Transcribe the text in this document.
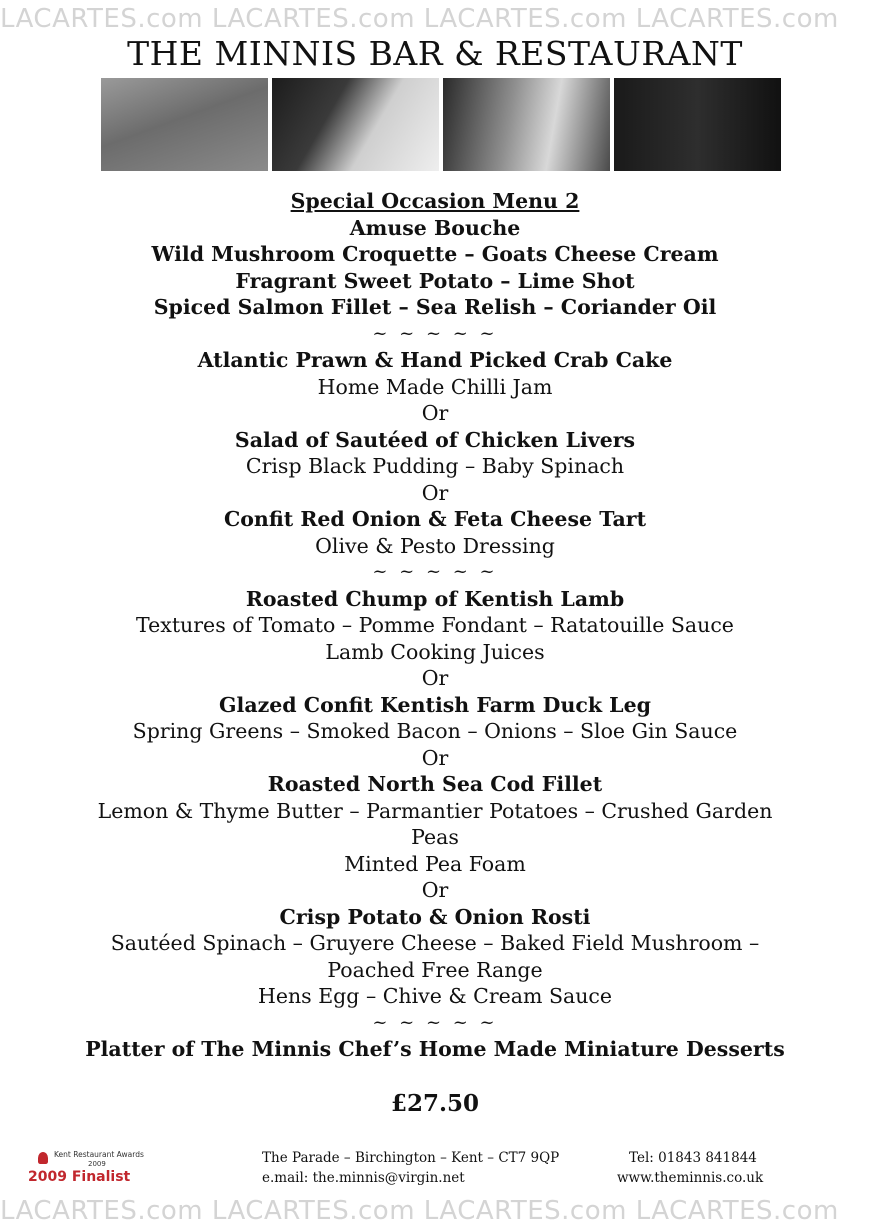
LACARTES.com LACARTES.com LACARTES.com LACARTES.com
THE MINNIS BAR & RESTAURANT
Special Occasion Menu 2
Amuse Bouche
Wild Mushroom Croquette – Goats Cheese Cream
Fragrant Sweet Potato – Lime Shot
Spiced Salmon Fillet – Sea Relish – Coriander Oil
~ ~ ~ ~ ~
Atlantic Prawn & Hand Picked Crab Cake
Home Made Chilli Jam
Or
Salad of Sautéed of Chicken Livers
Crisp Black Pudding – Baby Spinach
Or
Confit Red Onion & Feta Cheese Tart
Olive & Pesto Dressing
~ ~ ~ ~ ~
Roasted Chump of Kentish Lamb
Textures of Tomato – Pomme Fondant – Ratatouille Sauce
Lamb Cooking Juices
Or
Glazed Confit Kentish Farm Duck Leg
Spring Greens – Smoked Bacon – Onions – Sloe Gin Sauce
Or
Roasted North Sea Cod Fillet
Lemon & Thyme Butter – Parmantier Potatoes – Crushed Garden
Peas
Minted Pea Foam
Or
Crisp Potato & Onion Rosti
Sautéed Spinach – Gruyere Cheese – Baked Field Mushroom –
Poached Free Range
Hens Egg – Chive & Cream Sauce
~ ~ ~ ~ ~
Platter of The Minnis Chef’s Home Made Miniature Desserts
£27.50
Kent Restaurant Awards
2009
2009 Finalist
The Parade – Birchington – Kent – CT7 9QP
e.mail: the.minnis@virgin.net
Tel: 01843 841844
www.theminnis.co.uk
LACARTES.com LACARTES.com LACARTES.com LACARTES.com
